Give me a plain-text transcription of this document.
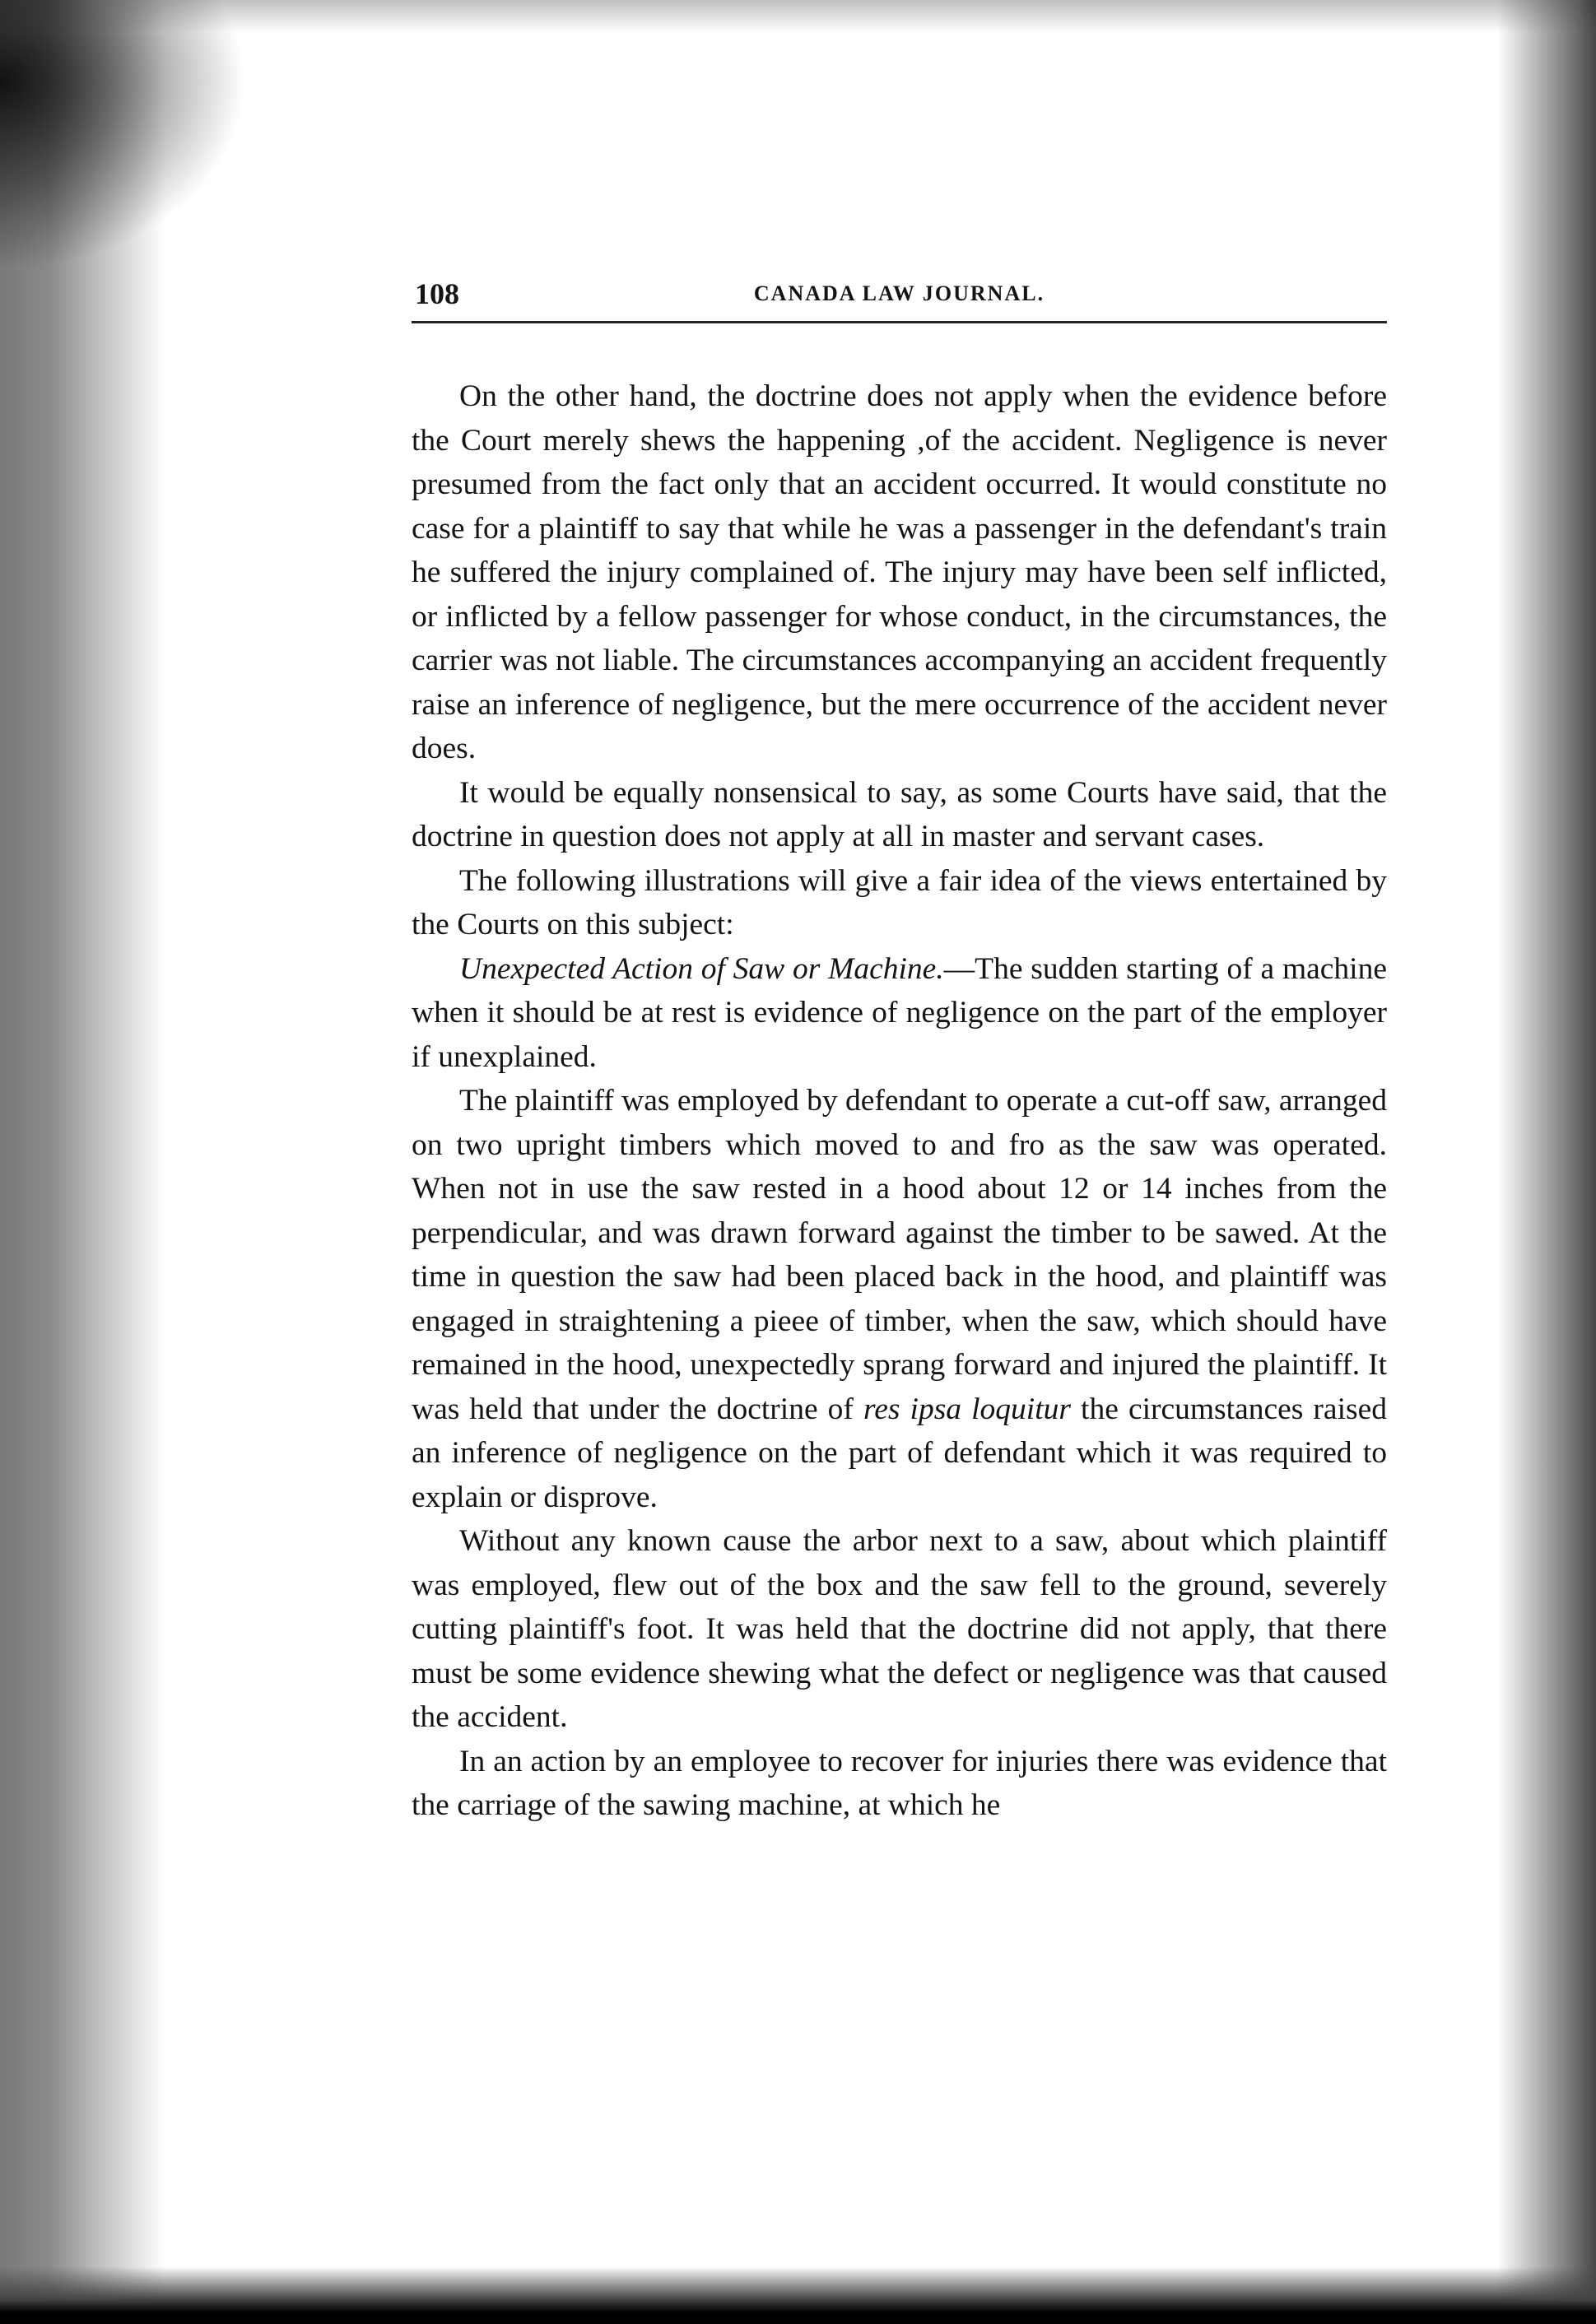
108	CANADA LAW JOURNAL.

On the other hand, the doctrine does not apply when the evidence before the Court merely shews the happening ,of the accident. Negligence is never presumed from the fact only that an accident occurred. It would constitute no case for a plaintiff to say that while he was a passenger in the defendant's train he suffered the injury complained of. The injury may have been self inflicted, or inflicted by a fellow passenger for whose conduct, in the circumstances, the carrier was not liable. The circumstances accompanying an accident frequently raise an inference of negligence, but the mere occurrence of the accident never does.

It would be equally nonsensical to say, as some Courts have said, that the doctrine in question does not apply at all in master and servant cases.

The following illustrations will give a fair idea of the views entertained by the Courts on this subject:

Unexpected Action of Saw or Machine.—The sudden starting of a machine when it should be at rest is evidence of negligence on the part of the employer if unexplained.

The plaintiff was employed by defendant to operate a cut-off saw, arranged on two upright timbers which moved to and fro as the saw was operated. When not in use the saw rested in a hood about 12 or 14 inches from the perpendicular, and was drawn forward against the timber to be sawed. At the time in question the saw had been placed back in the hood, and plaintiff was engaged in straightening a pieee of timber, when the saw, which should have remained in the hood, unexpectedly sprang forward and injured the plaintiff. It was held that under the doctrine of res ipsa loquitur the circumstances raised an inference of negligence on the part of defendant which it was required to explain or disprove.

Without any known cause the arbor next to a saw, about which plaintiff was employed, flew out of the box and the saw fell to the ground, severely cutting plaintiff's foot. It was held that the doctrine did not apply, that there must be some evidence shewing what the defect or negligence was that caused the accident.

In an action by an employee to recover for injuries there was evidence that the carriage of the sawing machine, at which he
